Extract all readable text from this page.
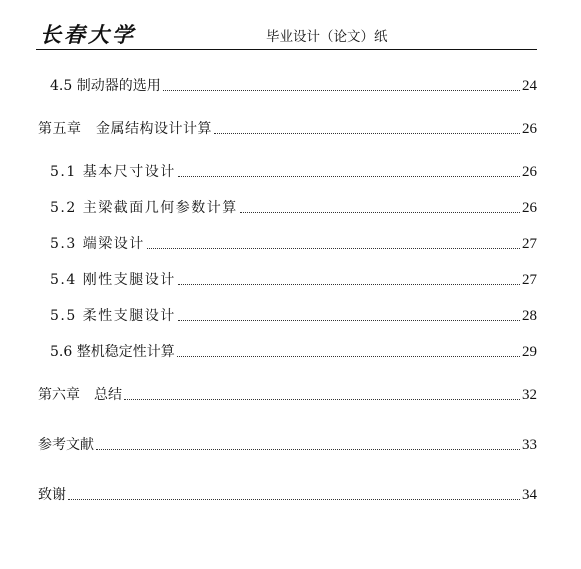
长春大学	毕业设计（论文）纸
4.5 制动器的选用	24
第五章　金属结构设计计算	26
5.1 基本尺寸设计	26
5.2 主梁截面几何参数计算	26
5.3 端梁设计	27
5.4 刚性支腿设计	27
5.5 柔性支腿设计	28
5.6 整机稳定性计算	29
第六章　总结	32
参考文献	33
致谢	34
